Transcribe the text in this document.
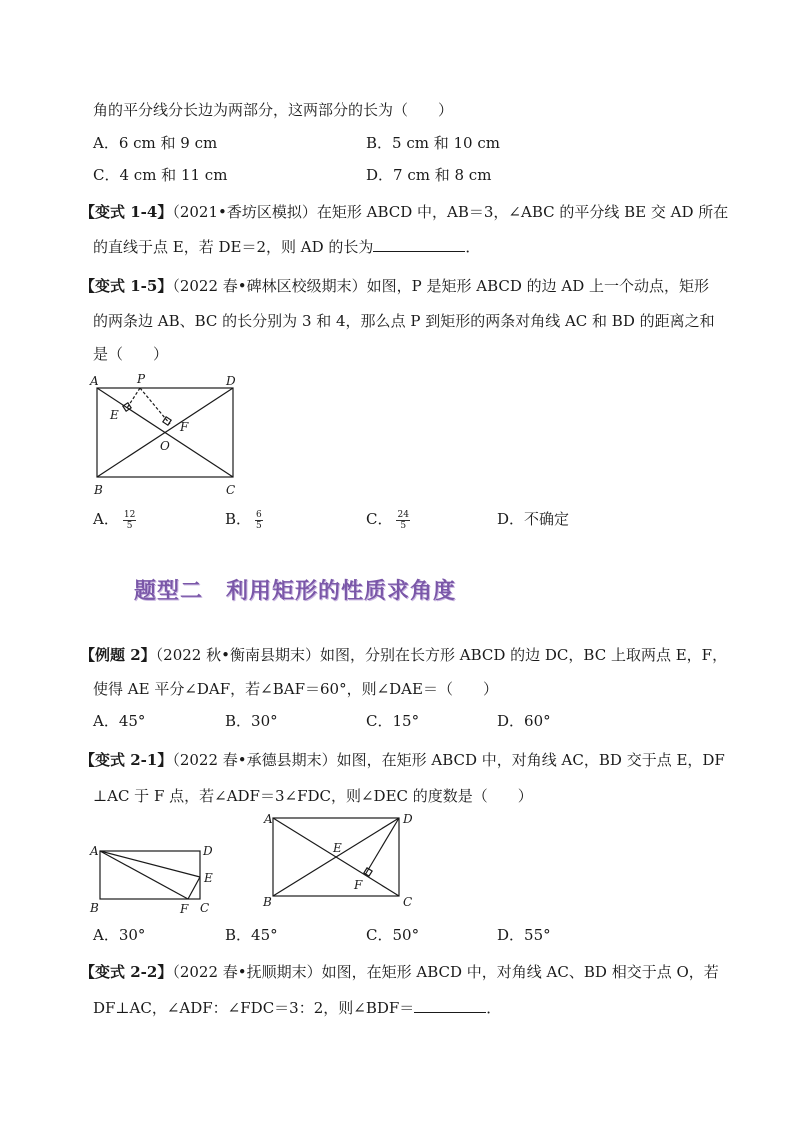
角的平分线分长边为两部分，这两部分的长为（　　）
A．6 cm 和 9 cm	B．5 cm 和 10 cm
C．4 cm 和 11 cm	D．7 cm 和 8 cm
【变式 1-4】（2021•香坊区模拟）在矩形 ABCD 中，AB＝3，∠ABC 的平分线 BE 交 AD 所在
的直线于点 E，若 DE＝2，则 AD 的长为	．
【变式 1-5】（2022 春•碑林区校级期末）如图，P 是矩形 ABCD 的边 AD 上一个动点，矩形
的两条边 AB、BC 的长分别为 3 和 4，那么点 P 到矩形的两条对角线 AC 和 BD 的距离之和
是（　　）
A	P	D
E
F
O
B	C
A． $\frac{12}{5}$	B． $\frac{6}{5}$	C． $\frac{24}{5}$	D．不确定
题型二　利用矩形的性质求角度
【例题 2】（2022 秋•衡南县期末）如图，分别在长方形 ABCD 的边 DC，BC 上取两点 E，F，
使得 AE 平分∠DAF，若∠BAF＝60°，则∠DAE＝（　　）
A．45°	B．30°	C．15°	D．60°
【变式 2-1】（2022 春•承德县期末）如图，在矩形 ABCD 中，对角线 AC，BD 交于点 E，DF
⊥AC 于 F 点，若∠ADF＝3∠FDC，则∠DEC 的度数是（　　）
A	D
E
B	F C
A	D
E
F
B	C
A．30°	B．45°	C．50°	D．55°
【变式 2-2】（2022 春•抚顺期末）如图，在矩形 ABCD 中，对角线 AC、BD 相交于点 O，若
DF⊥AC，∠ADF：∠FDC＝3：2，则∠BDF＝	．
